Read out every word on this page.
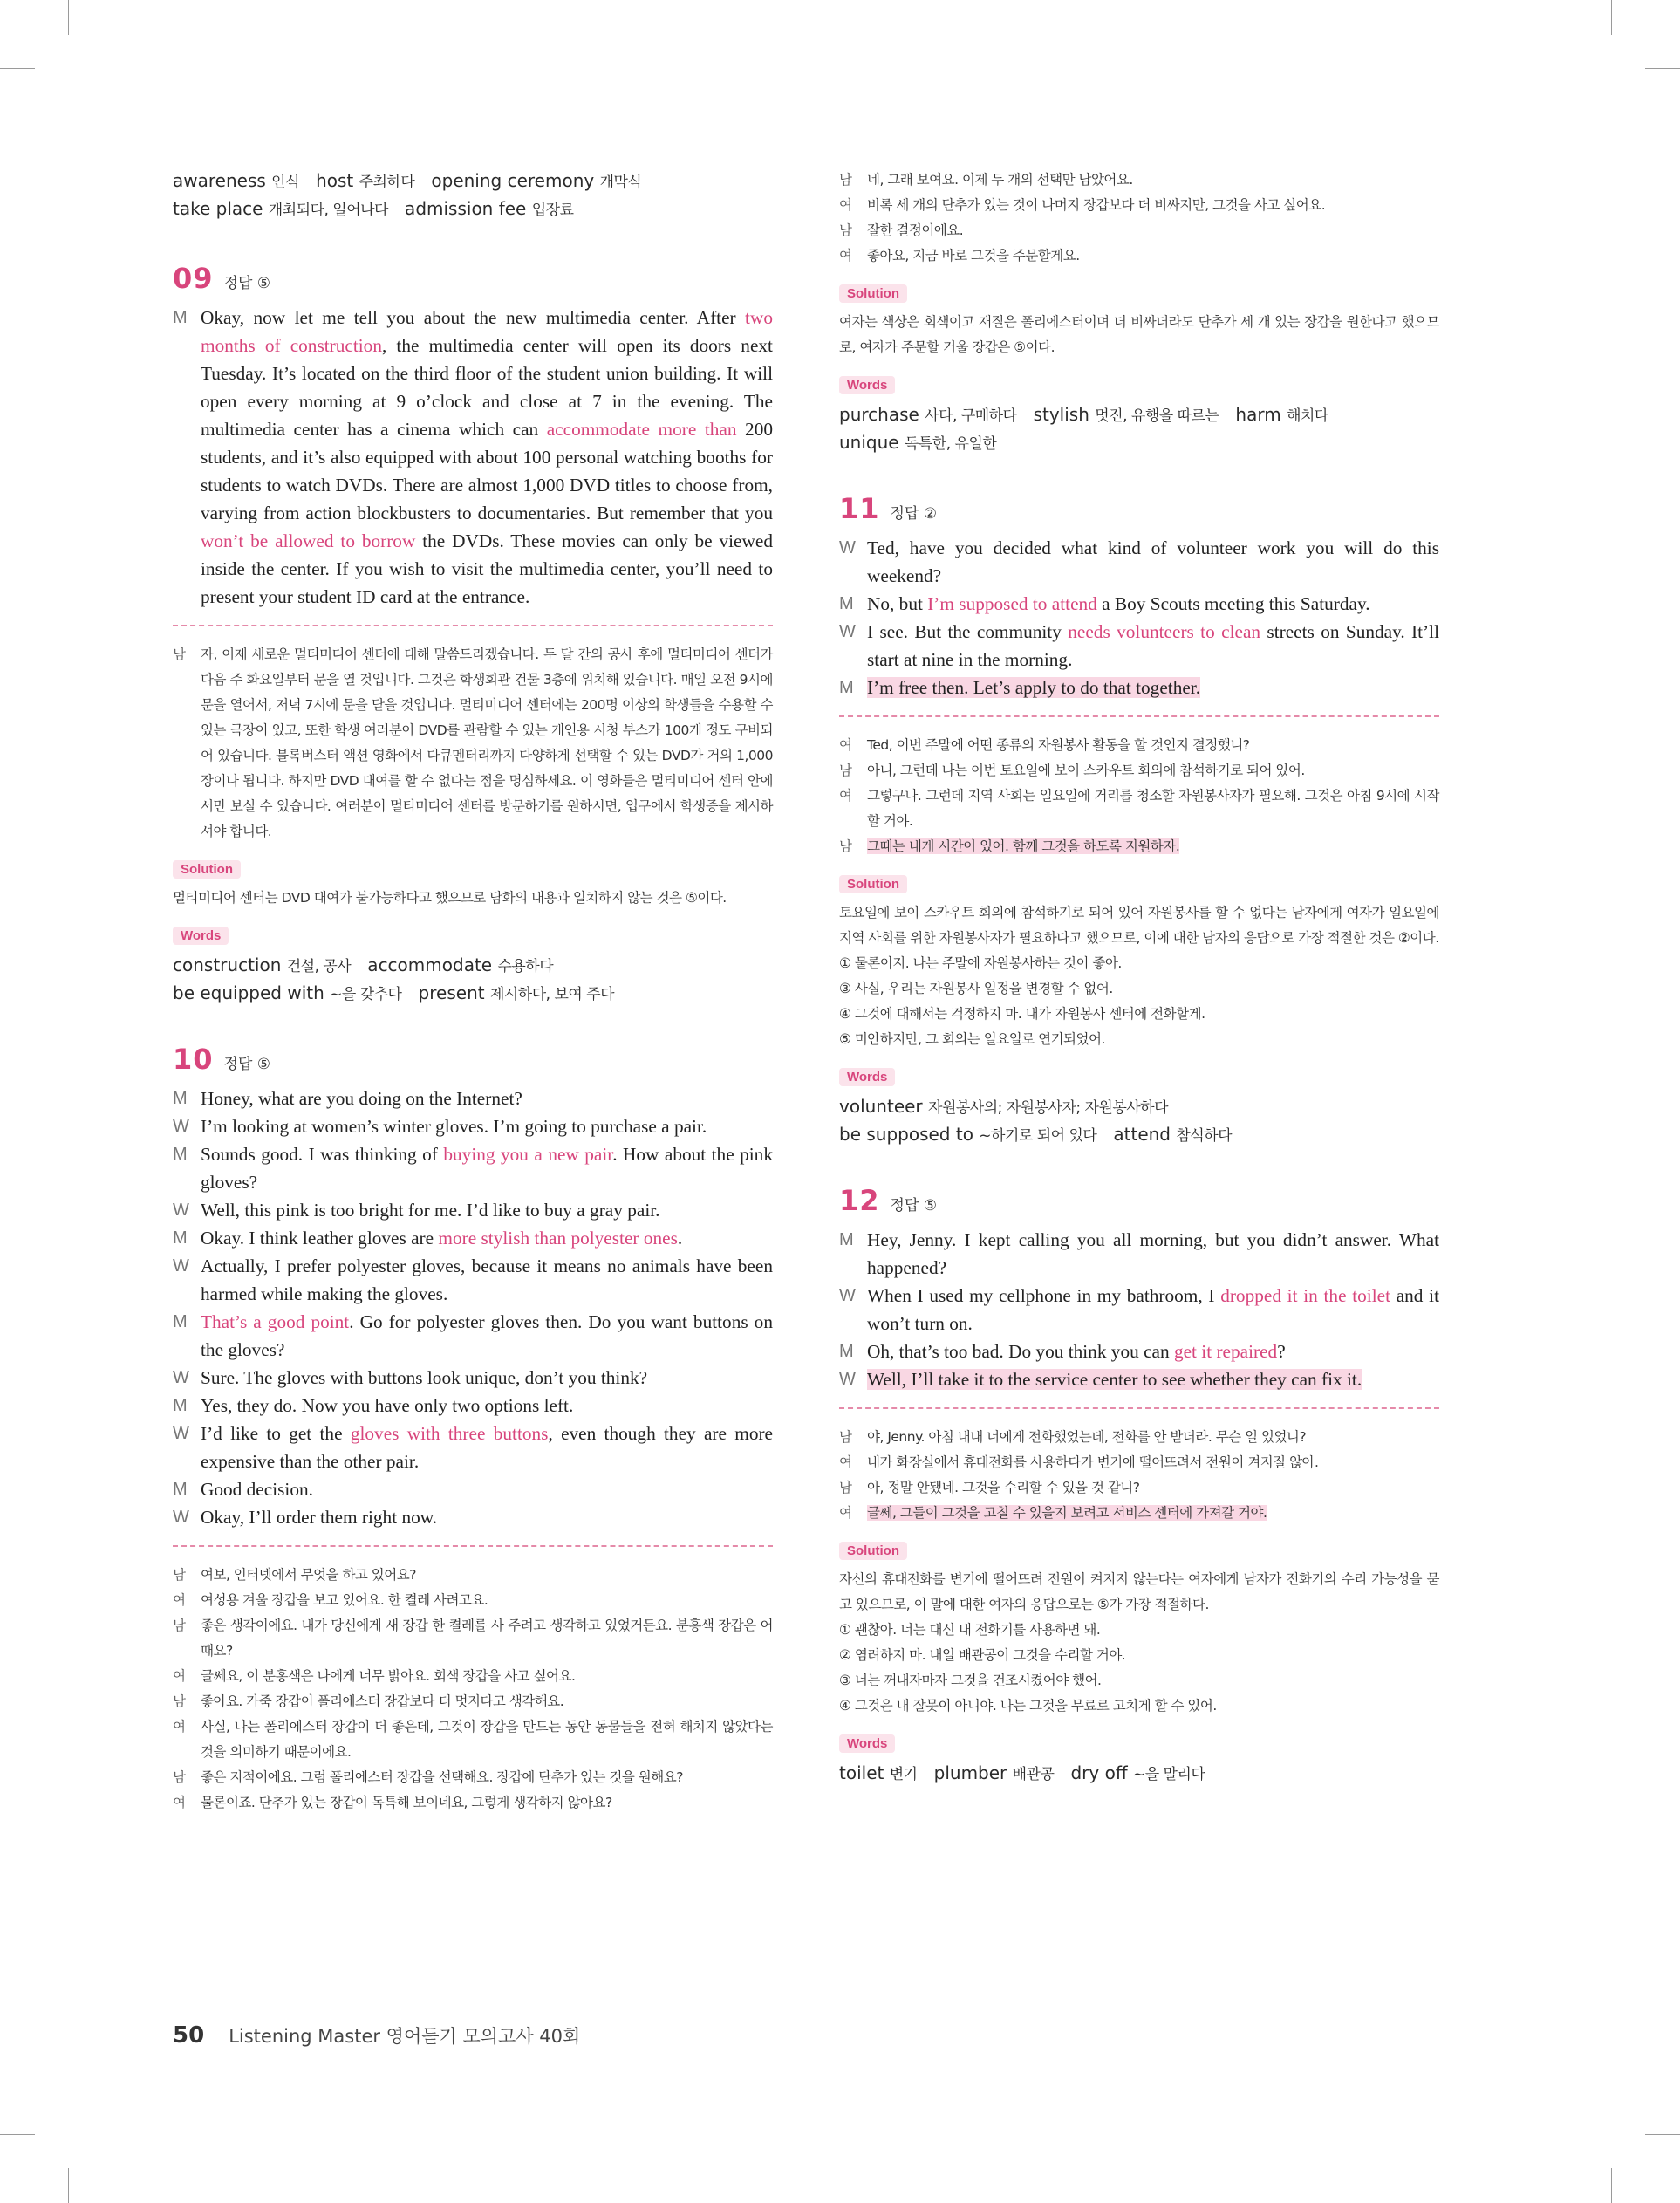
awareness 인식   host 주최하다   opening ceremony 개막식

take place 개최되다, 일어나다   admission fee 입장료

09 정답 ⑤
M Okay, now let me tell you about the new multimedia center. After two months of construction, the multimedia center will open its doors next Tuesday. It’s located on the third floor of the student union building. It will open every morning at 9 o’clock and close at 7 in the evening. The multimedia center has a cinema which can accommodate more than 200 students, and it’s also equipped with about 100 personal watching booths for students to watch DVDs. There are almost 1,000 DVD titles to choose from, varying from action blockbusters to documentaries. But remember that you won’t be allowed to borrow the DVDs. These movies can only be viewed inside the center. If you wish to visit the multimedia center, you’ll need to present your student ID card at the entrance.
남	자, 이제 새로운 멀티미디어 센터에 대해 말씀드리겠습니다. 두 달 간의 공사 후에 멀티미디어 센터가 다음 주 화요일부터 문을 열 것입니다. 그것은 학생회관 건물 3층에 위치해 있습니다. 매일 오전 9시에 문을 열어서, 저녁 7시에 문을 닫을 것입니다. 멀티미디어 센터에는 200명 이상의 학생들을 수용할 수 있는 극장이 있고, 또한 학생 여러분이 DVD를 관람할 수 있는 개인용 시청 부스가 100개 정도 구비되어 있습니다. 블록버스터 액션 영화에서 다큐멘터리까지 다양하게 선택할 수 있는 DVD가 거의 1,000장이나 됩니다. 하지만 DVD 대여를 할 수 없다는 점을 명심하세요. 이 영화들은 멀티미디어 센터 안에서만 보실 수 있습니다. 여러분이 멀티미디어 센터를 방문하기를 원하시면, 입구에서 학생증을 제시하셔야 합니다.
Solution

멀티미디어 센터는 DVD 대여가 불가능하다고 했으므로 담화의 내용과 일치하지 않는 것은 ⑤이다.

Words

construction 건설, 공사   accommodate 수용하다

be equipped with ~을 갖추다   present 제시하다, 보여 주다

10 정답 ⑤
M Honey, what are you doing on the Internet?
W I’m looking at women’s winter gloves. I’m going to purchase a pair.
M Sounds good. I was thinking of buying you a new pair. How about the pink gloves?
W Well, this pink is too bright for me. I’d like to buy a gray pair.
M Okay. I think leather gloves are more stylish than polyester ones.
W Actually, I prefer polyester gloves, because it means no animals have been harmed while making the gloves.
M That’s a good point. Go for polyester gloves then. Do you want buttons on the gloves?
W Sure. The gloves with buttons look unique, don’t you think?
M Yes, they do. Now you have only two options left.
W I’d like to get the gloves with three buttons, even though they are more expensive than the other pair.
M Good decision.
W Okay, I’ll order them right now.
남	여보, 인터넷에서 무엇을 하고 있어요?
여	여성용 겨울 장갑을 보고 있어요. 한 켤레 사려고요.
남	좋은 생각이에요. 내가 당신에게 새 장갑 한 켤레를 사 주려고 생각하고 있었거든요. 분홍색 장갑은 어때요?
여	글쎄요, 이 분홍색은 나에게 너무 밝아요. 회색 장갑을 사고 싶어요.
남	좋아요. 가죽 장갑이 폴리에스터 장갑보다 더 멋지다고 생각해요.
여	사실, 나는 폴리에스터 장갑이 더 좋은데, 그것이 장갑을 만드는 동안 동물들을 전혀 해치지 않았다는 것을 의미하기 때문이에요.
남	좋은 지적이에요. 그럼 폴리에스터 장갑을 선택해요. 장갑에 단추가 있는 것을 원해요?
여	물론이죠. 단추가 있는 장갑이 독특해 보이네요, 그렇게 생각하지 않아요?
남	네, 그래 보여요. 이제 두 개의 선택만 남았어요.
여	비록 세 개의 단추가 있는 것이 나머지 장갑보다 더 비싸지만, 그것을 사고 싶어요.
남	잘한 결정이에요.
여	좋아요, 지금 바로 그것을 주문할게요.
Solution

여자는 색상은 회색이고 재질은 폴리에스터이며 더 비싸더라도 단추가 세 개 있는 장갑을 원한다고 했으므로, 여자가 주문할 거울 장갑은 ⑤이다.

Words

purchase 사다, 구매하다   stylish 멋진, 유행을 따르는   harm 해치다

unique 독특한, 유일한

11 정답 ②
W Ted, have you decided what kind of volunteer work you will do this weekend?
M No, but I’m supposed to attend a Boy Scouts meeting this Saturday.
W I see. But the community needs volunteers to clean streets on Sunday. It’ll start at nine in the morning.
M I’m free then. Let’s apply to do that together.
여	Ted, 이번 주말에 어떤 종류의 자원봉사 활동을 할 것인지 결정했니?
남	아니, 그런데 나는 이번 토요일에 보이 스카우트 회의에 참석하기로 되어 있어.
여	그렇구나. 그런데 지역 사회는 일요일에 거리를 청소할 자원봉사자가 필요해. 그것은 아침 9시에 시작할 거야.
남	그때는 내게 시간이 있어. 함께 그것을 하도록 지원하자.
Solution

토요일에 보이 스카우트 회의에 참석하기로 되어 있어 자원봉사를 할 수 없다는 남자에게 여자가 일요일에 지역 사회를 위한 자원봉사자가 필요하다고 했으므로, 이에 대한 남자의 응답으로 가장 적절한 것은 ②이다.

① 물론이지. 나는 주말에 자원봉사하는 것이 좋아.

③ 사실, 우리는 자원봉사 일정을 변경할 수 없어.

④ 그것에 대해서는 걱정하지 마. 내가 자원봉사 센터에 전화할게.

⑤ 미안하지만, 그 회의는 일요일로 연기되었어.

Words

volunteer 자원봉사의; 자원봉사자; 자원봉사하다

be supposed to ~하기로 되어 있다   attend 참석하다

12 정답 ⑤
M Hey, Jenny. I kept calling you all morning, but you didn’t answer. What happened?
W When I used my cellphone in my bathroom, I dropped it in the toilet and it won’t turn on.
M Oh, that’s too bad. Do you think you can get it repaired?
W Well, I’ll take it to the service center to see whether they can fix it.
남	야, Jenny. 아침 내내 너에게 전화했었는데, 전화를 안 받더라. 무슨 일 있었니?
여	내가 화장실에서 휴대전화를 사용하다가 변기에 떨어뜨려서 전원이 켜지질 않아.
남	아, 정말 안됐네. 그것을 수리할 수 있을 것 같니?
여	글쎄, 그들이 그것을 고칠 수 있을지 보려고 서비스 센터에 가져갈 거야.
Solution

자신의 휴대전화를 변기에 떨어뜨려 전원이 켜지지 않는다는 여자에게 남자가 전화기의 수리 가능성을 묻고 있으므로, 이 말에 대한 여자의 응답으로는 ⑤가 가장 적절하다.

① 괜찮아. 너는 대신 내 전화기를 사용하면 돼.

② 염려하지 마. 내일 배관공이 그것을 수리할 거야.

③ 너는 꺼내자마자 그것을 건조시켰어야 했어.

④ 그것은 내 잘못이 아니야. 나는 그것을 무료로 고치게 할 수 있어.

Words

toilet 변기   plumber 배관공   dry off ~을 말리다

50 Listening Master 영어듣기 모의고사 40회
